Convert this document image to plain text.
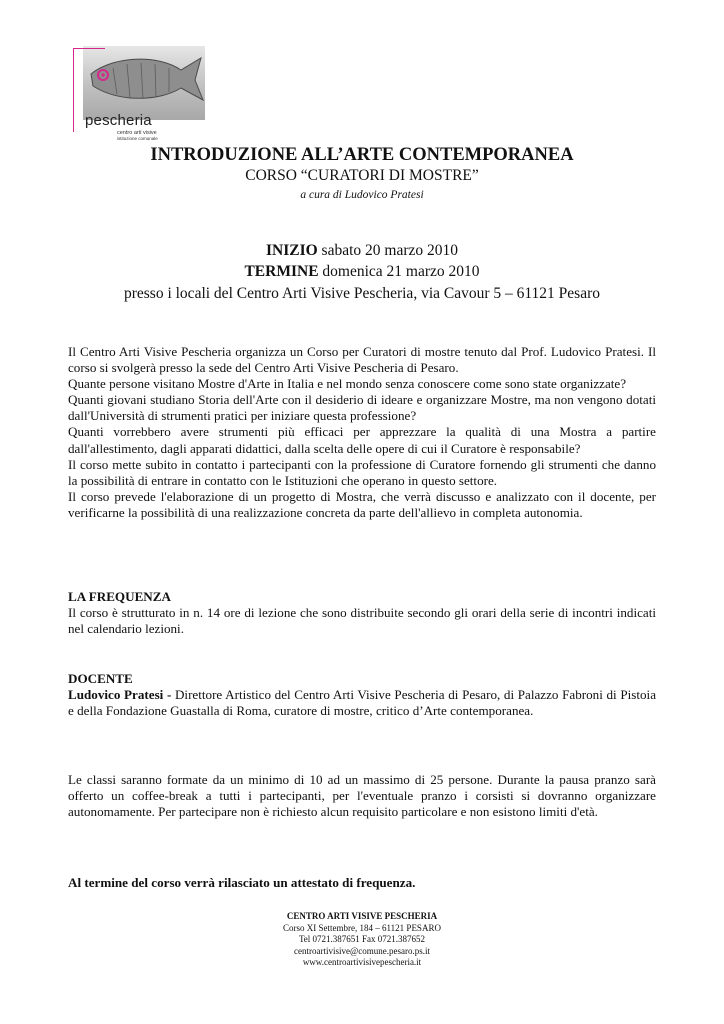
pescheria
centro arti visive
istituzione comunale
INTRODUZIONE ALL’ARTE CONTEMPORANEA
CORSO “CURATORI DI MOSTRE”
a cura di Ludovico Pratesi
INIZIO sabato 20 marzo 2010
TERMINE domenica 21 marzo 2010
presso i locali del Centro Arti Visive Pescheria, via Cavour 5 – 61121 Pesaro

Il Centro Arti Visive Pescheria organizza un Corso per Curatori di mostre tenuto dal Prof. Ludovico Pratesi. Il corso si svolgerà presso la sede del Centro Arti Visive Pescheria di Pesaro.

Quante persone visitano Mostre d'Arte in Italia e nel mondo senza conoscere come sono state organizzate?

Quanti giovani studiano Storia dell'Arte con il desiderio di ideare e organizzare Mostre, ma non vengono dotati dall'Università di strumenti pratici per iniziare questa professione?

Quanti vorrebbero avere strumenti più efficaci per apprezzare la qualità di una Mostra a partire dall'allestimento, dagli apparati didattici, dalla scelta delle opere di cui il Curatore è responsabile?

Il corso mette subito in contatto i partecipanti con la professione di Curatore fornendo gli strumenti che danno la possibilità di entrare in contatto con le Istituzioni che operano in questo settore.

Il corso prevede l'elaborazione di un progetto di Mostra, che verrà discusso e analizzato con il docente, per verificarne la possibilità di una realizzazione concreta da parte dell'allievo in completa autonomia.

LA FREQUENZA

Il corso è strutturato in n. 14 ore di lezione che sono distribuite secondo gli orari della serie di incontri indicati nel calendario lezioni.

DOCENTE

Ludovico Pratesi - Direttore Artistico del Centro Arti Visive Pescheria di Pesaro, di Palazzo Fabroni di Pistoia e della Fondazione Guastalla di Roma, curatore di mostre, critico d’Arte contemporanea.

Le classi saranno formate da un minimo di 10 ad un massimo di 25 persone. Durante la pausa pranzo sarà offerto un coffee-break a tutti i partecipanti, per l'eventuale pranzo i corsisti si dovranno organizzare autonomamente. Per partecipare non è richiesto alcun requisito particolare e non esistono limiti d'età.

Al termine del corso verrà rilasciato un attestato di frequenza.
CENTRO ARTI VISIVE PESCHERIA
Corso XI Settembre, 184 – 61121 PESARO
Tel 0721.387651 Fax 0721.387652
centroartivisive@comune.pesaro.ps.it
www.centroartivisivepescheria.it
